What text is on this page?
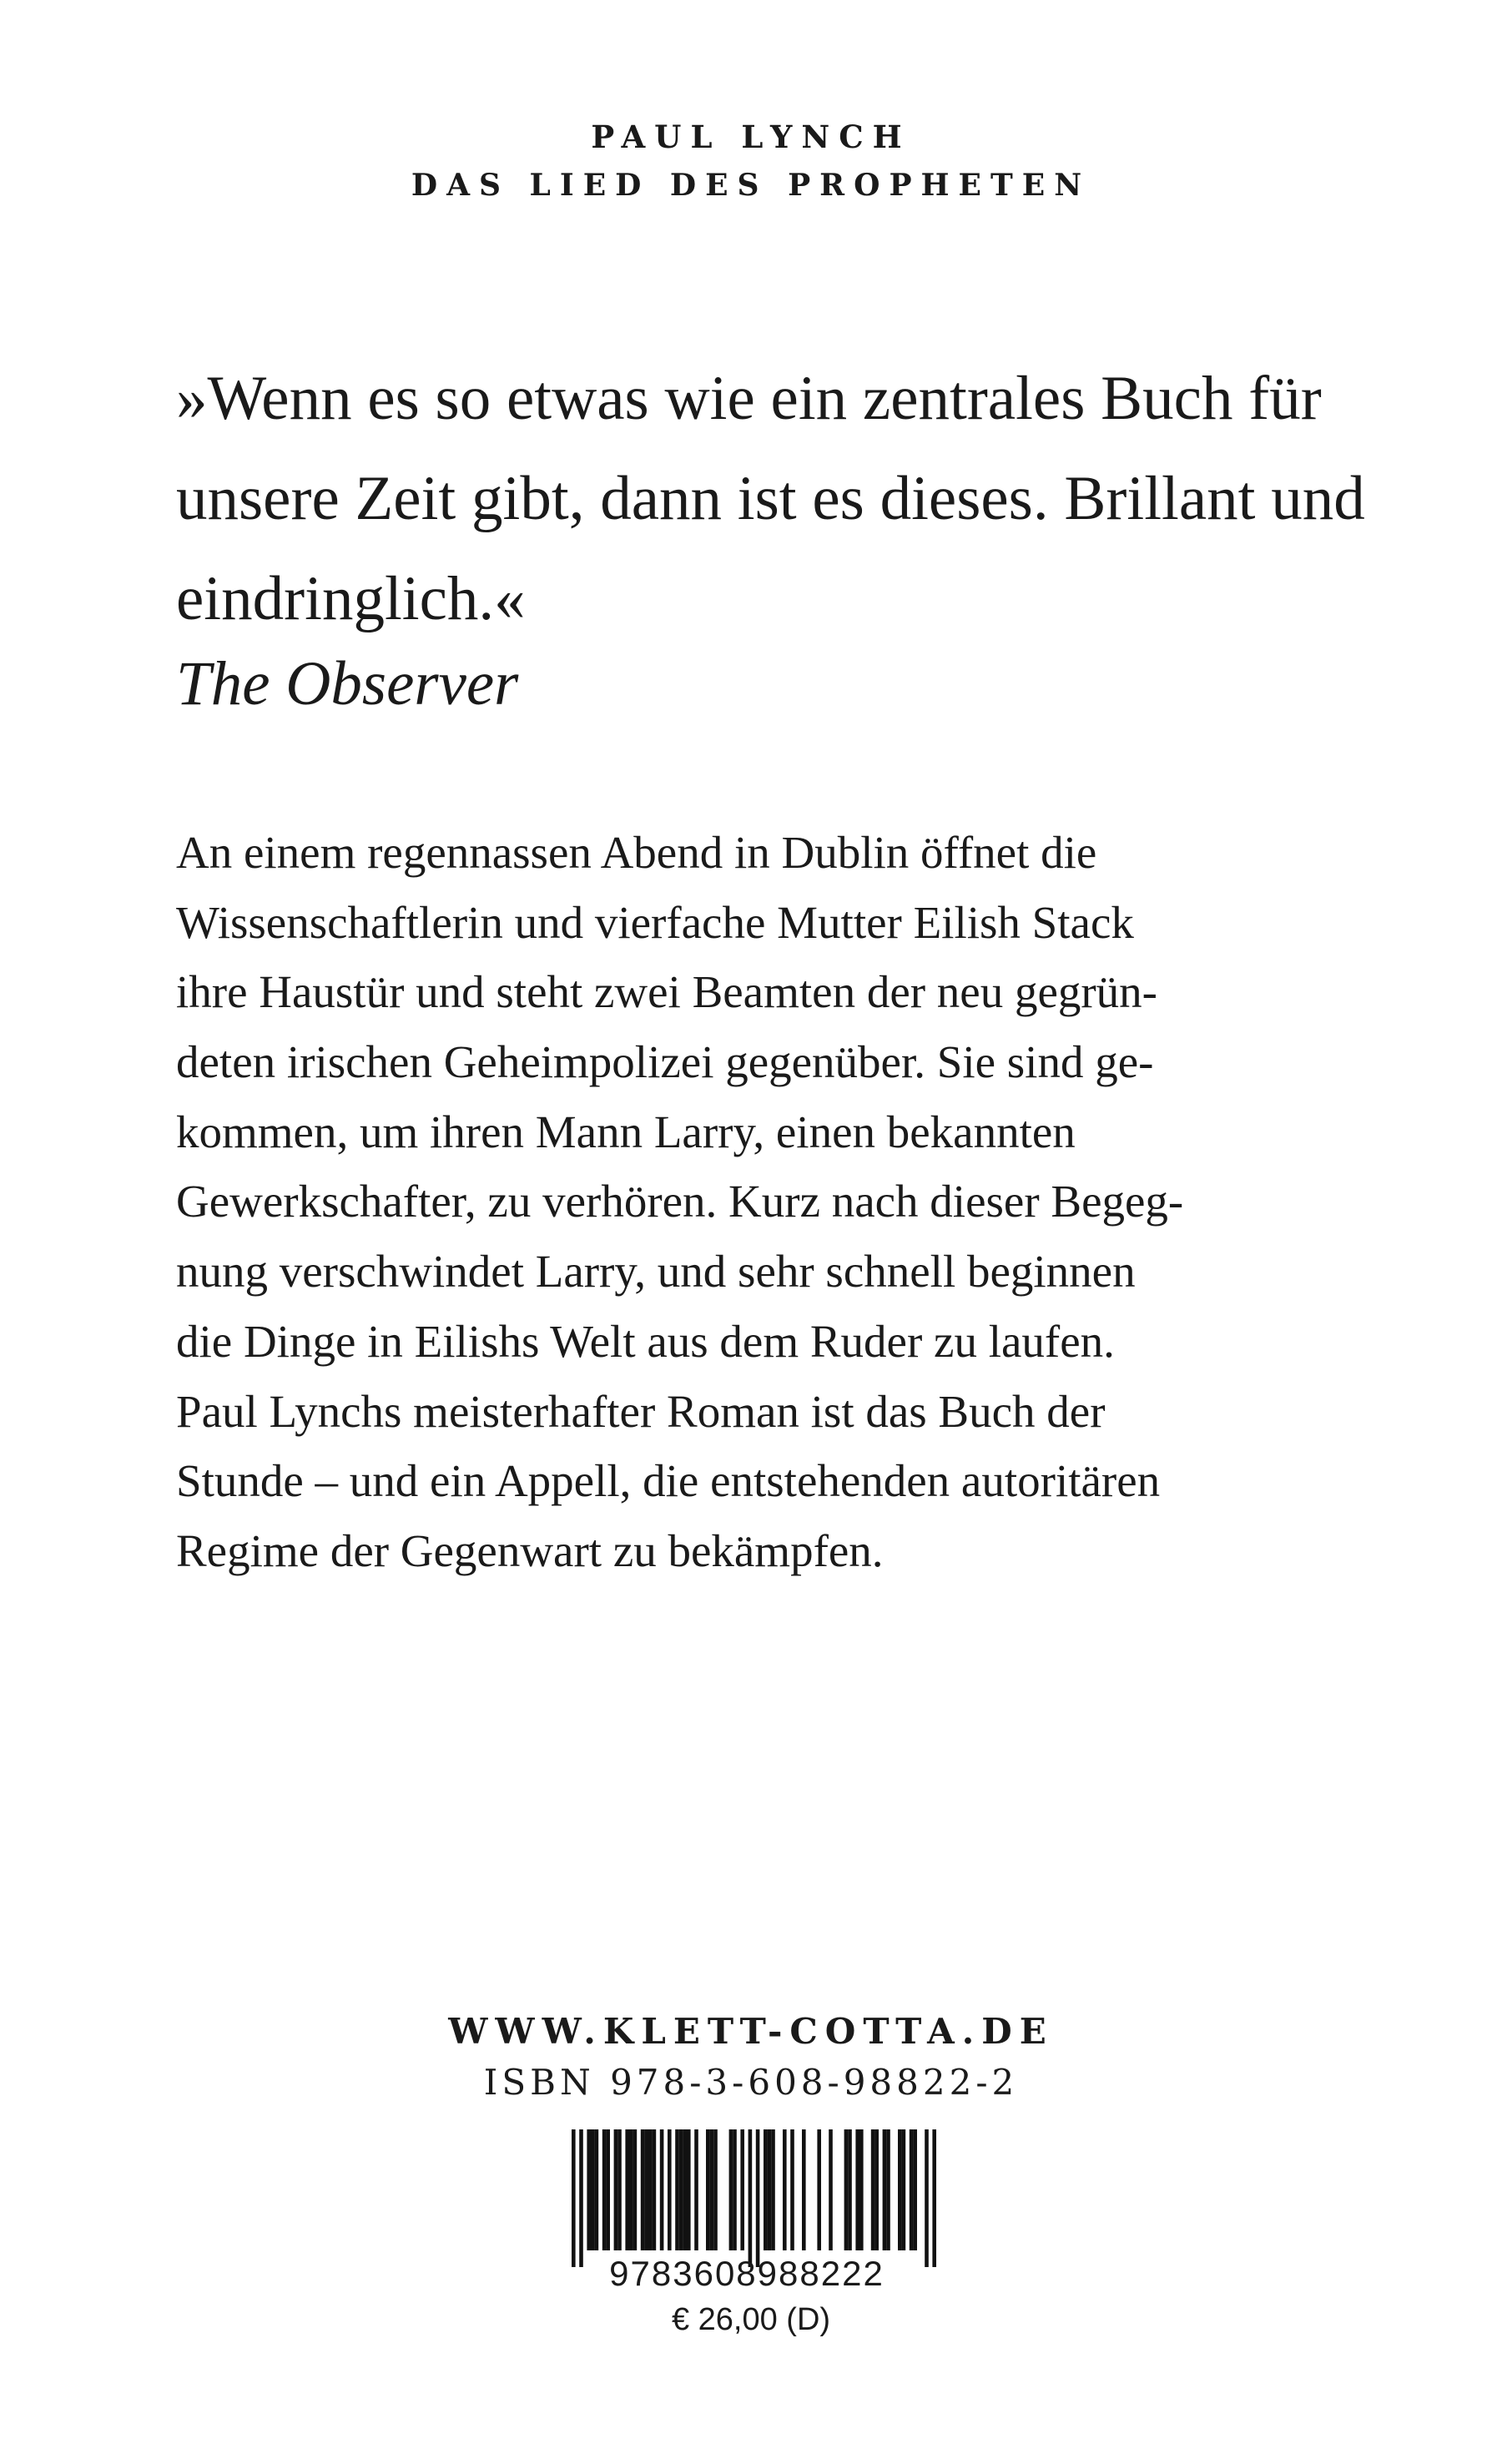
PAUL LYNCH
DAS LIED DES PROPHETEN

»Wenn es so etwas wie ein zentrales Buch für unsere Zeit gibt, dann ist es dieses. Brillant und eindringlich.«

The Observer

An einem regennassen Abend in Dublin öffnet die
Wissenschaftlerin und vierfache Mutter Eilish Stack
ihre Haustür und steht zwei Beamten der neu gegrün-
deten irischen Geheimpolizei gegenüber. Sie sind ge-
kommen, um ihren Mann Larry, einen bekannten
Gewerkschafter, zu verhören. Kurz nach dieser Begeg-
nung verschwindet Larry, und sehr schnell beginnen
die Dinge in Eilishs Welt aus dem Ruder zu laufen.
Paul Lynchs meisterhafter Roman ist das Buch der
Stunde – und ein Appell, die entstehenden autoritären
Regime der Gegenwart zu bekämpfen.
WWW.KLETT-COTTA.DE
ISBN 978-3-608-98822-2
9783608988222
€ 26,00 (D)
